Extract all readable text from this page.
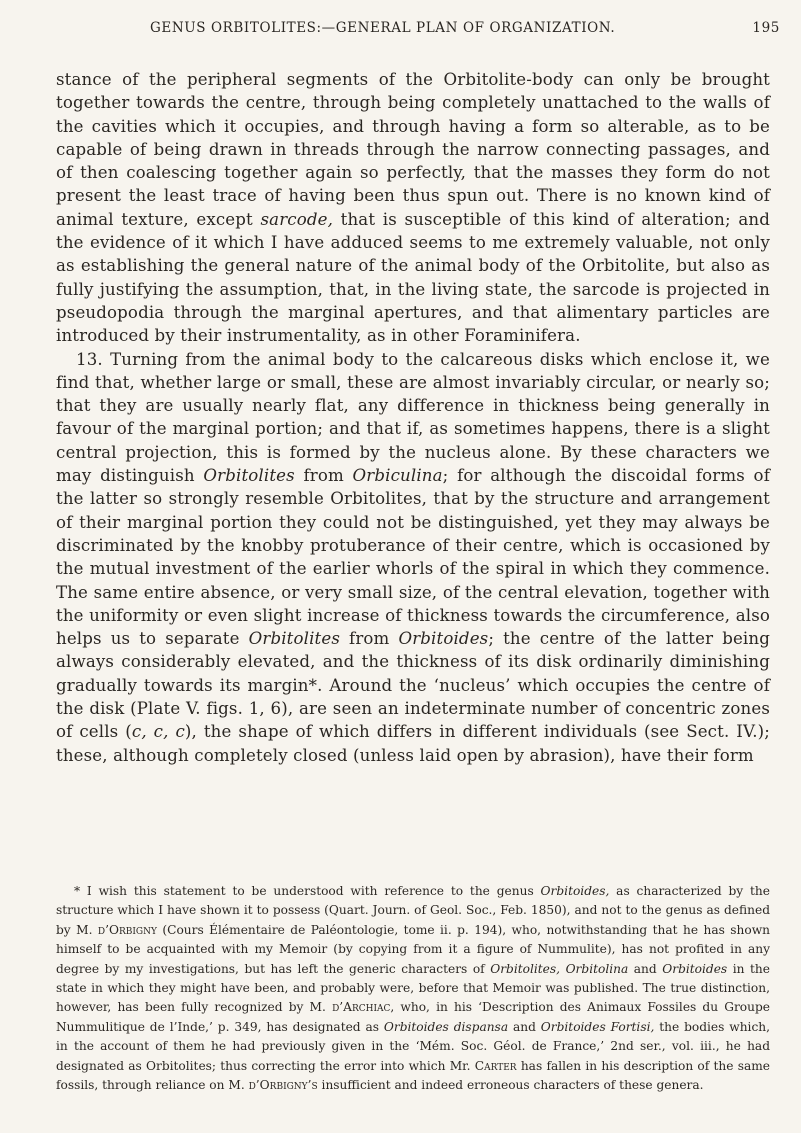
GENUS ORBITOLITES:—GENERAL PLAN OF ORGANIZATION.	195

stance of the peripheral segments of the Orbitolite-body can only be brought together towards the centre, through being completely unattached to the walls of the cavities which it occupies, and through having a form so alterable, as to be capable of being drawn in threads through the narrow connecting passages, and of then coalescing together again so perfectly, that the masses they form do not present the least trace of having been thus spun out. There is no known kind of animal texture, except sarcode, that is susceptible of this kind of alteration; and the evidence of it which I have adduced seems to me extremely valuable, not only as establishing the general nature of the animal body of the Orbitolite, but also as fully justifying the assumption, that, in the living state, the sarcode is projected in pseudopodia through the marginal apertures, and that alimentary particles are introduced by their instrumentality, as in other Foraminifera.

13. Turning from the animal body to the calcareous disks which enclose it, we find that, whether large or small, these are almost invariably circular, or nearly so; that they are usually nearly flat, any difference in thickness being generally in favour of the marginal portion; and that if, as sometimes happens, there is a slight central projection, this is formed by the nucleus alone. By these characters we may distinguish Orbitolites from Orbiculina; for although the discoidal forms of the latter so strongly resemble Orbitolites, that by the structure and arrangement of their marginal portion they could not be distinguished, yet they may always be discriminated by the knobby protuberance of their centre, which is occasioned by the mutual investment of the earlier whorls of the spiral in which they commence. The same entire absence, or very small size, of the central elevation, together with the uniformity or even slight increase of thickness towards the circumference, also helps us to separate Orbitolites from Orbitoides; the centre of the latter being always considerably elevated, and the thickness of its disk ordinarily diminishing gradually towards its margin*. Around the ‘nucleus’ which occupies the centre of the disk (Plate V. figs. 1, 6), are seen an indeterminate number of concentric zones of cells (c, c, c), the shape of which differs in different individuals (see Sect. IV.); these, although completely closed (unless laid open by abrasion), have their form

* I wish this statement to be understood with reference to the genus Orbitoides, as characterized by the structure which I have shown it to possess (Quart. Journ. of Geol. Soc., Feb. 1850), and not to the genus as defined by M. d’Orbigny (Cours Élémentaire de Paléontologie, tome ii. p. 194), who, notwithstanding that he has shown himself to be acquainted with my Memoir (by copying from it a figure of Nummulite), has not profited in any degree by my investigations, but has left the generic characters of Orbitolites, Orbitolina and Orbitoides in the state in which they might have been, and probably were, before that Memoir was published. The true distinction, however, has been fully recognized by M. d’Archiac, who, in his ‘Description des Animaux Fossiles du Groupe Nummulitique de l’Inde,’ p. 349, has designated as Orbitoides dispansa and Orbitoides Fortisi, the bodies which, in the account of them he had previously given in the ‘Mém. Soc. Géol. de France,’ 2nd ser., vol. iii., he had designated as Orbitolites; thus correcting the error into which Mr. Carter has fallen in his description of the same fossils, through reliance on M. d’Orbigny’s insufficient and indeed erroneous characters of these genera.
